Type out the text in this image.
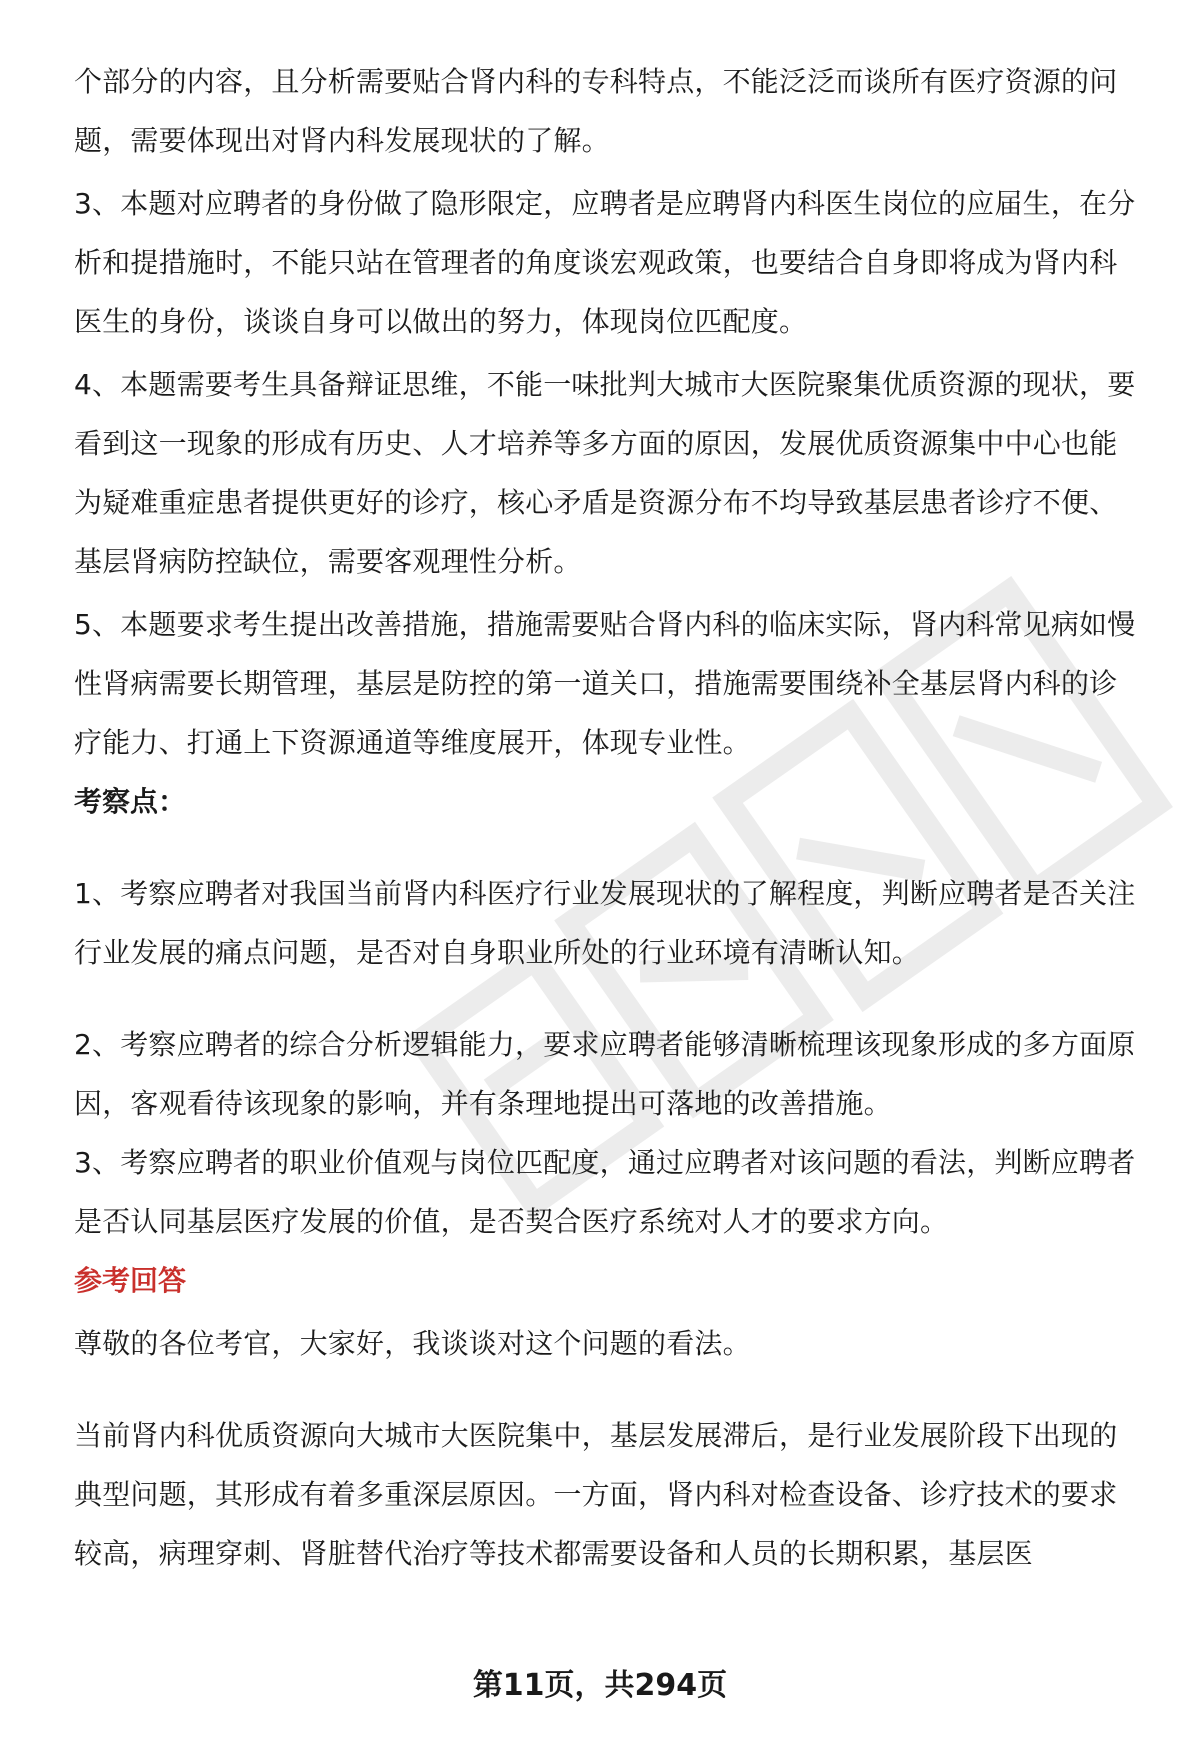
个部分的内容，且分析需要贴合肾内科的专科特点，不能泛泛而谈所有医疗资源的问题，需要体现出对肾内科发展现状的了解。

3、本题对应聘者的身份做了隐形限定，应聘者是应聘肾内科医生岗位的应届生，在分析和提措施时，不能只站在管理者的角度谈宏观政策，也要结合自身即将成为肾内科医生的身份，谈谈自身可以做出的努力，体现岗位匹配度。

4、本题需要考生具备辩证思维，不能一味批判大城市大医院聚集优质资源的现状，要看到这一现象的形成有历史、人才培养等多方面的原因，发展优质资源集中中心也能为疑难重症患者提供更好的诊疗，核心矛盾是资源分布不均导致基层患者诊疗不便、基层肾病防控缺位，需要客观理性分析。

5、本题要求考生提出改善措施，措施需要贴合肾内科的临床实际，肾内科常见病如慢性肾病需要长期管理，基层是防控的第一道关口，措施需要围绕补全基层肾内科的诊疗能力、打通上下资源通道等维度展开，体现专业性。

考察点：

1、考察应聘者对我国当前肾内科医疗行业发展现状的了解程度，判断应聘者是否关注行业发展的痛点问题，是否对自身职业所处的行业环境有清晰认知。

2、考察应聘者的综合分析逻辑能力，要求应聘者能够清晰梳理该现象形成的多方面原因，客观看待该现象的影响，并有条理地提出可落地的改善措施。

3、考察应聘者的职业价值观与岗位匹配度，通过应聘者对该问题的看法，判断应聘者是否认同基层医疗发展的价值，是否契合医疗系统对人才的要求方向。

参考回答

尊敬的各位考官，大家好，我谈谈对这个问题的看法。

当前肾内科优质资源向大城市大医院集中，基层发展滞后，是行业发展阶段下出现的典型问题，其形成有着多重深层原因。一方面，肾内科对检查设备、诊疗技术的要求较高，病理穿刺、肾脏替代治疗等技术都需要设备和人员的长期积累，基层医

第11页，共294页
